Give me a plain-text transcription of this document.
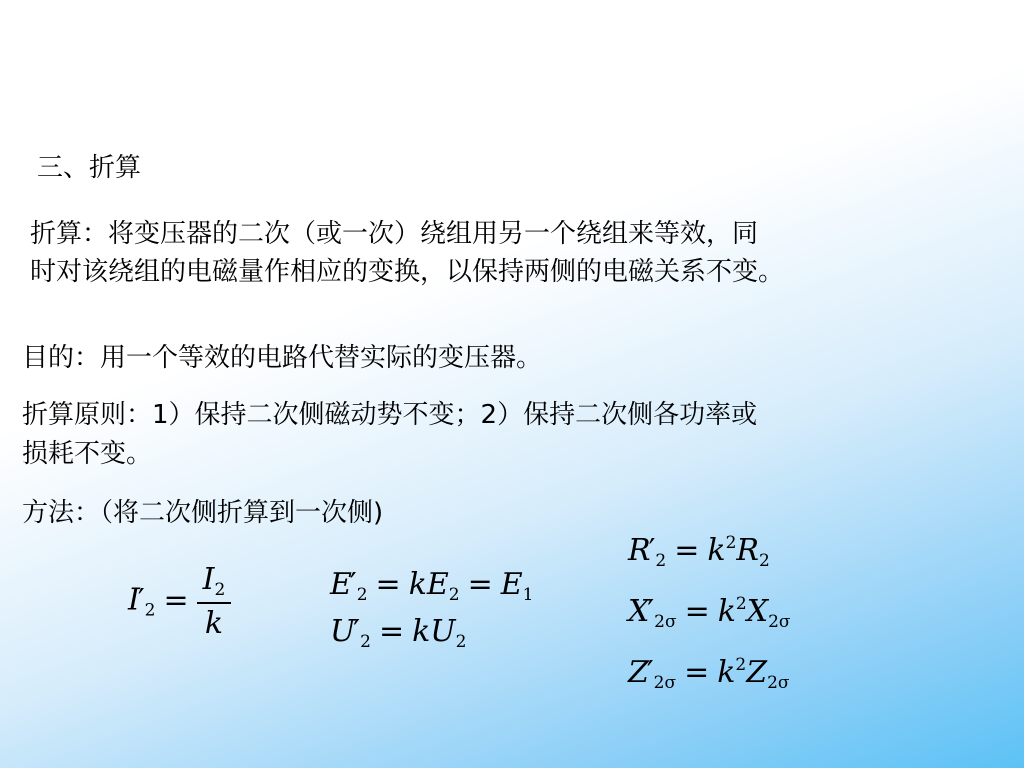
三、折算
折算：将变压器的二次（或一次）绕组用另一个绕组来等效，同
时对该绕组的电磁量作相应的变换，以保持两侧的电磁关系不变。
目的：用一个等效的电路代替实际的变压器。
折算原则：1）保持二次侧磁动势不变；2）保持二次侧各功率或
损耗不变。
方法：（将二次侧折算到一次侧)
$I'_2 = \frac{I_2}{k}$	$E'_2 = kE_2 = E_1$
$U'_2 = kU_2$
$R'_2 = k^2R_2$
$X'_{2\sigma} = k^2X_{2\sigma}$
$Z'_{2\sigma} = k^2Z_{2\sigma}$
